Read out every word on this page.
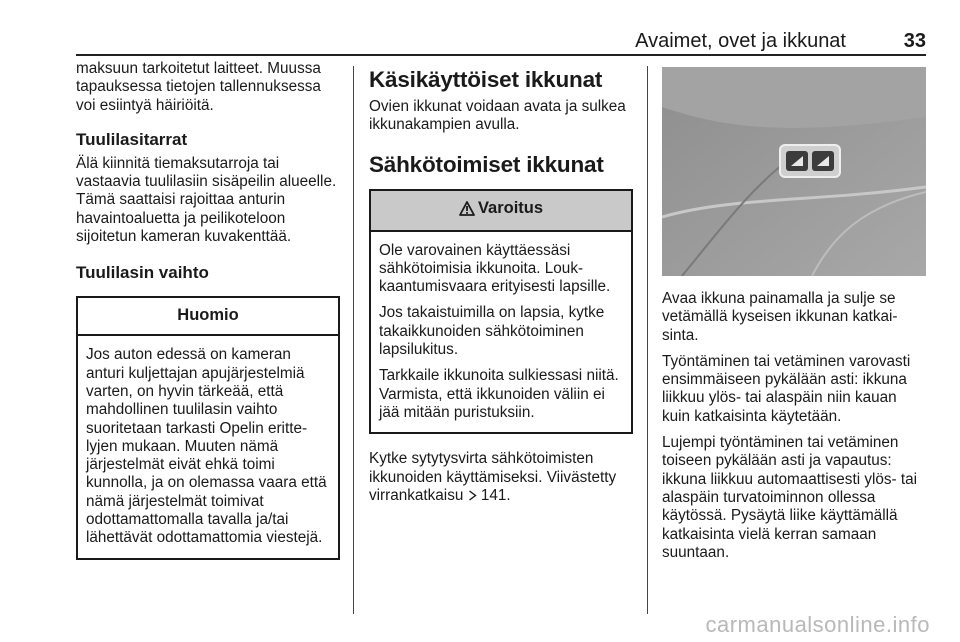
Avaimet, ovet ja ikkunat	33

maksuun tarkoitetut laitteet. Muussa tapauksessa tietojen tallennuksessa voi esiintyä häiriöitä.

Tuulilasitarrat

Älä kiinnitä tiemaksutarroja tai vastaavia tuulilasiin sisäpeilin alueelle. Tämä saattaisi rajoittaa anturin havaintoaluetta ja peilikoteloon sijoitetun kameran kuvakenttää.

Tuulilasin vaihto
Huomio

Jos auton edessä on kameran anturi kuljettajan apujärjestelmiä varten, on hyvin tärkeää, että mahdollinen tuulilasin vaihto suoritetaan tarkasti Opelin erittelyjen mukaan. Muuten nämä järjestelmät eivät ehkä toimi kunnolla, ja on olemassa vaara että nämä järjestelmät toimivat odottamattomalla tavalla ja/tai lähettävät odottamattomia viestejä.

Käsikäyttöiset ikkunat

Ovien ikkunat voidaan avata ja sulkea ikkunakampien avulla.

Sähkötoimiset ikkunat
Varoitus

Ole varovainen käyttäessäsi sähkötoimisia ikkunoita. Loukkaantumisvaara erityisesti lapsille.

Jos takaistuimilla on lapsia, kytke takaikkunoiden sähkötoiminen lapsilukitus.

Tarkkaile ikkunoita sulkiessasi niitä. Varmista, että ikkunoiden väliin ei jää mitään puristuksiin.

Kytke sytytysvirta sähkötoimisten ikkunoiden käyttämiseksi. Viivästetty virrankatkaisu 141.

Avaa ikkuna painamalla ja sulje se vetämällä kyseisen ikkunan katkaisinta.

Työntäminen tai vetäminen varovasti ensimmäiseen pykälään asti: ikkuna liikkuu ylös- tai alaspäin niin kauan kuin katkaisinta käytetään.

Lujempi työntäminen tai vetäminen toiseen pykälään asti ja vapautus: ikkuna liikkuu automaattisesti ylös- tai alaspäin turvatoiminnon ollessa käytössä. Pysäytä liike käyttämällä katkaisinta vielä kerran samaan suuntaan.

carmanualsonline.info
